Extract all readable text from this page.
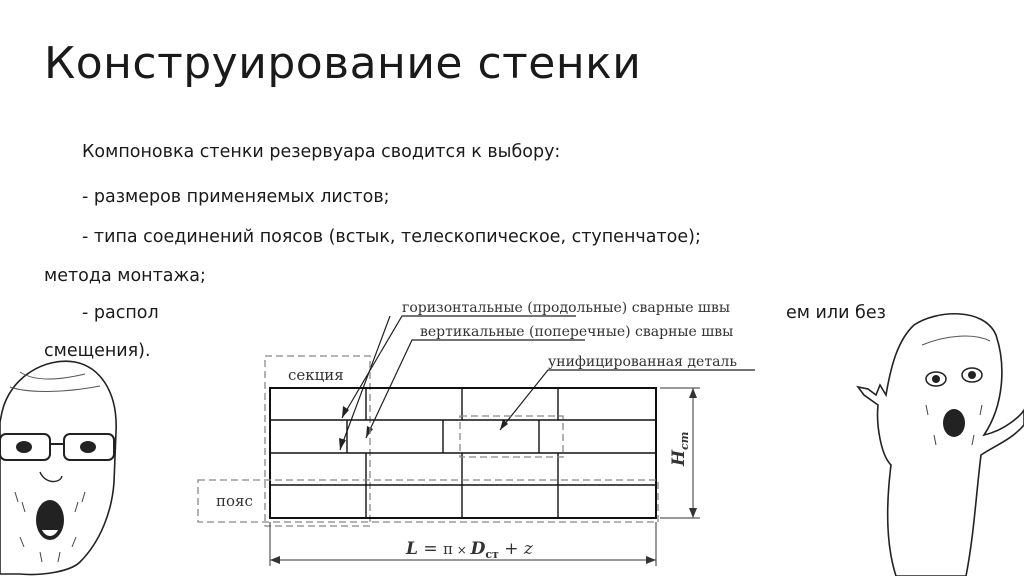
Конструирование стенки
Компоновка стенки резервуара сводится к выбору:
- размеров применяемых листов;
- типа соединений поясов (встык, телескопическое, ступенчатое);
метода монтажа;
- распол	ем или без
смещения).
горизонтальные (продольные) сварные швы
вертикальные (поперечные) сварные швы
унифицированная деталь
секция
пояс
$H_{ст}$
$L = \pi \times D_{ст} + z$
